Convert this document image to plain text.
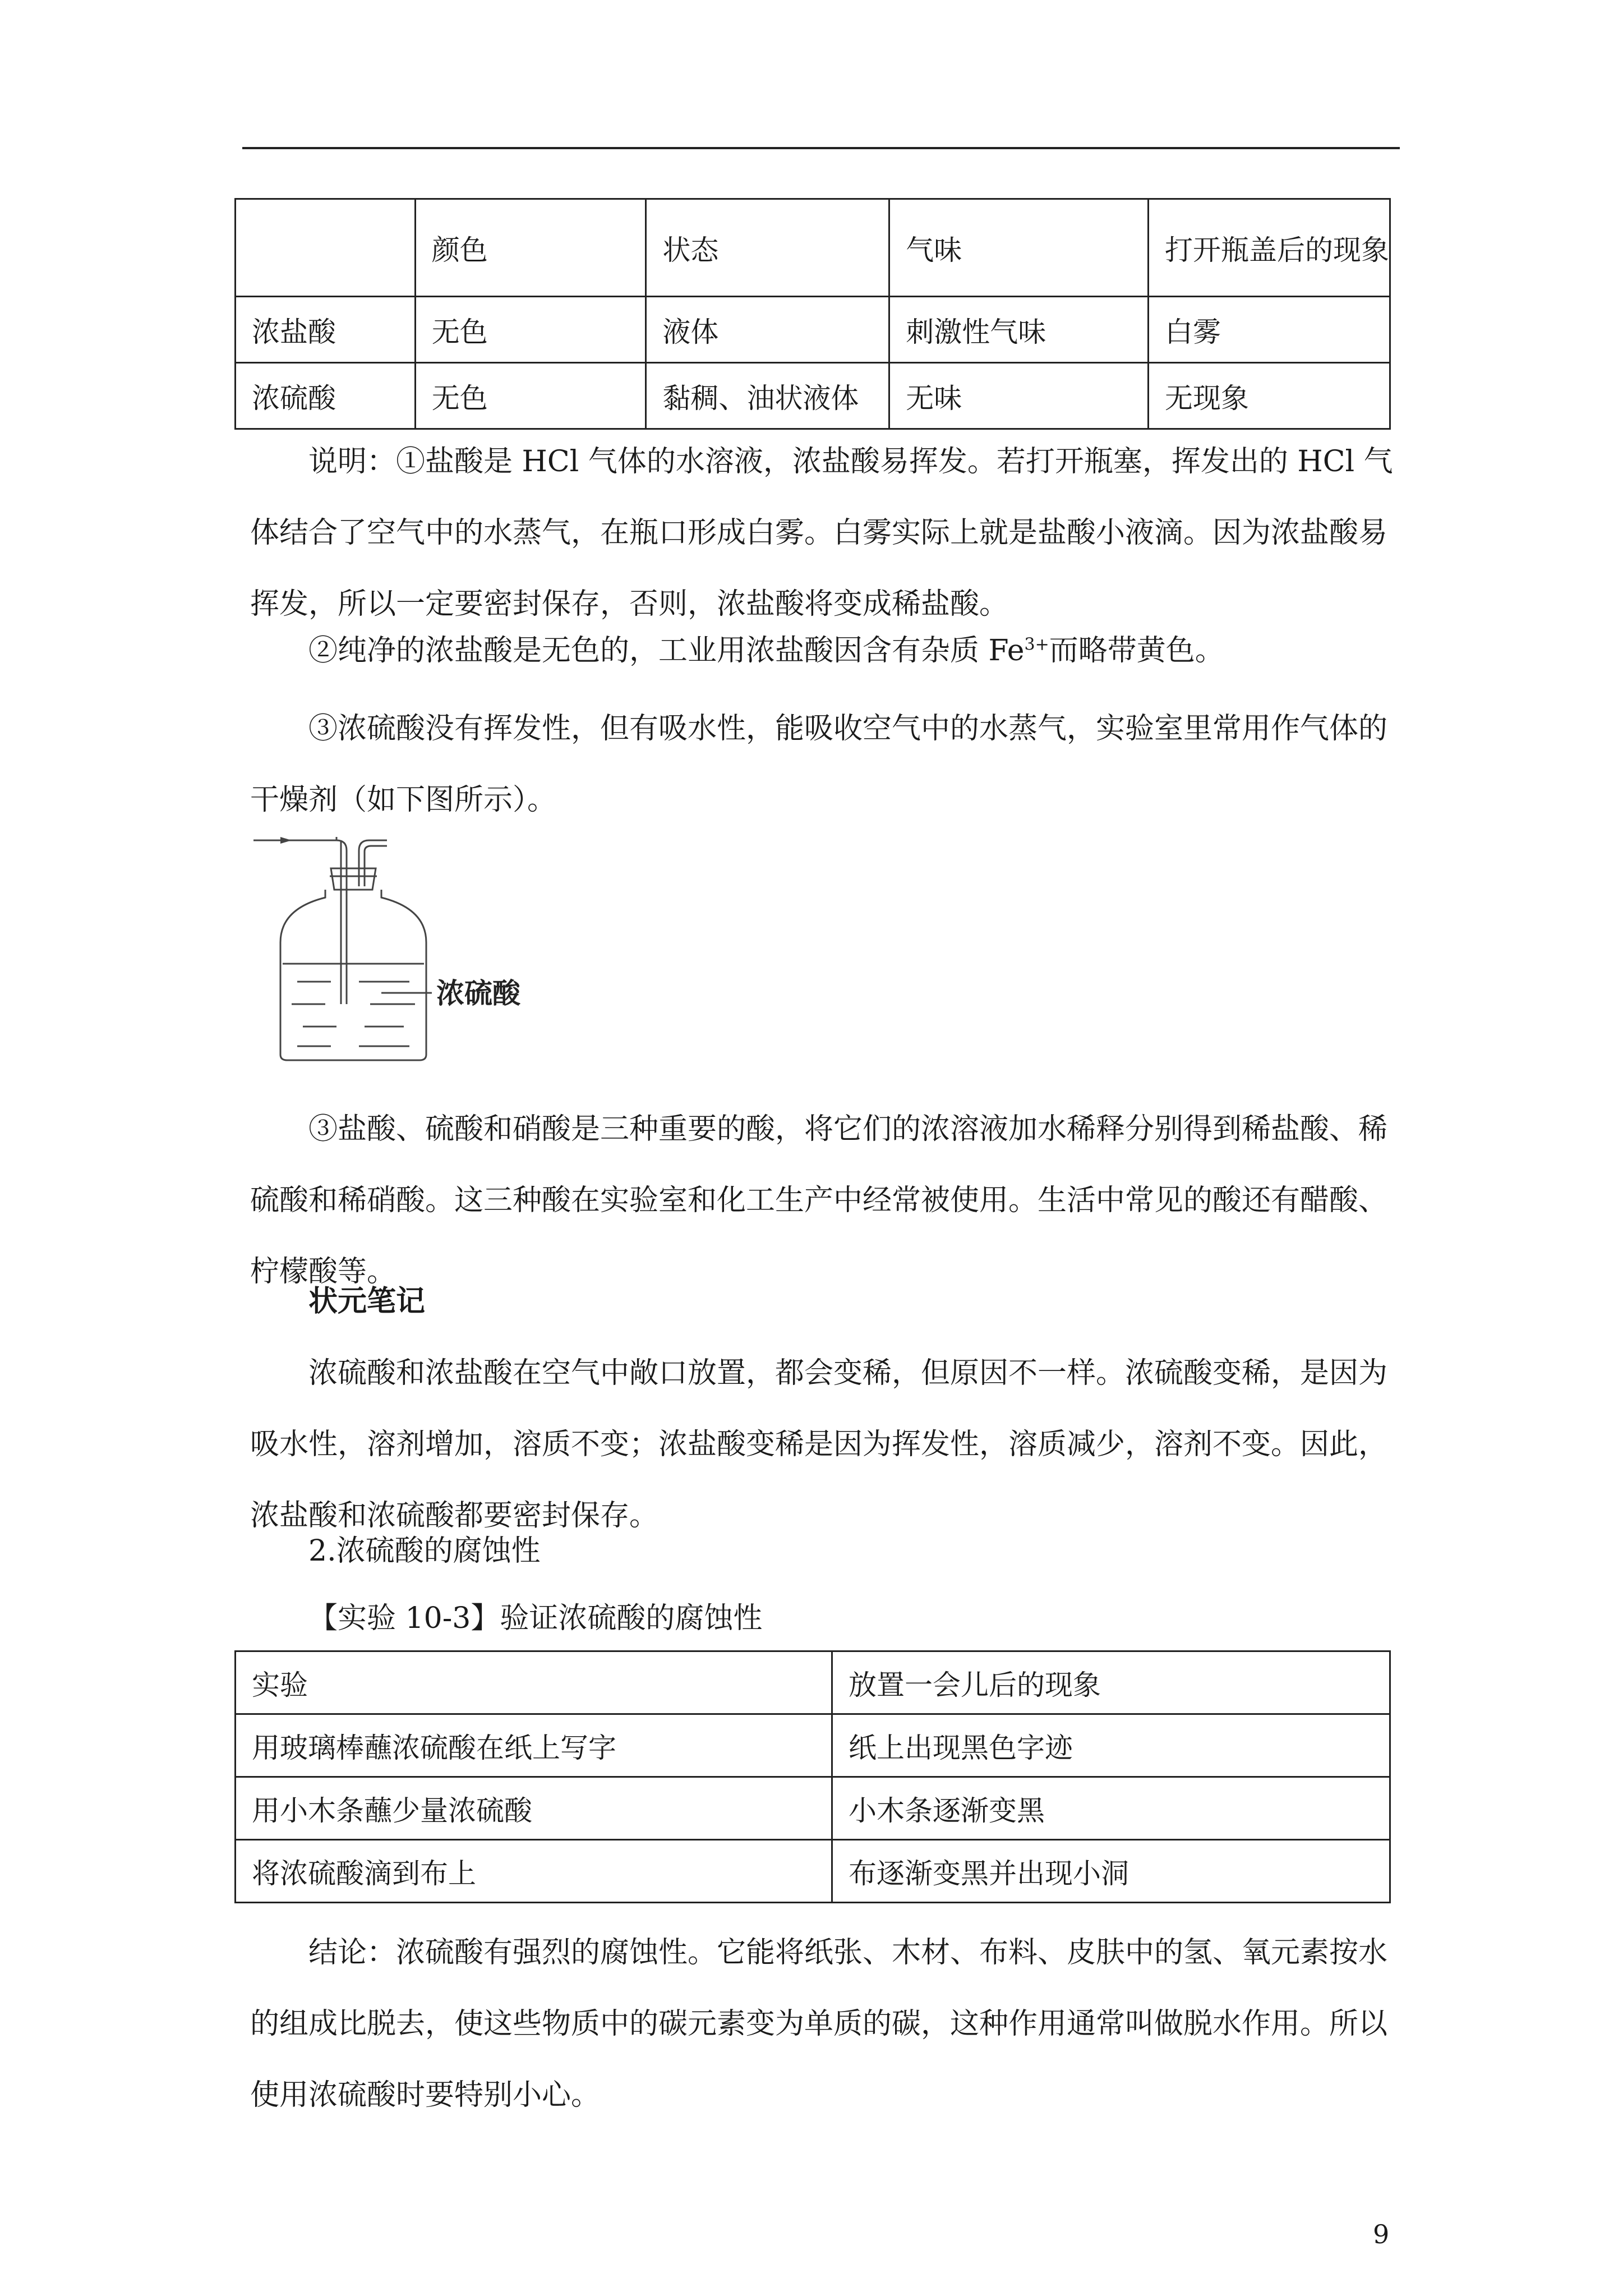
	颜色	状态	气味	打开瓶盖后的现象
浓盐酸	无色	液体	刺激性气味	白雾
浓硫酸	无色	黏稠、油状液体	无味	无现象

说明：①盐酸是 HCl 气体的水溶液，浓盐酸易挥发。若打开瓶塞，挥发出的 HCl 气体结合了空气中的水蒸气，在瓶口形成白雾。白雾实际上就是盐酸小液滴。因为浓盐酸易挥发，所以一定要密封保存，否则，浓盐酸将变成稀盐酸。

②纯净的浓盐酸是无色的，工业用浓盐酸因含有杂质 $Fe^{3+}$而略带黄色。

③浓硫酸没有挥发性，但有吸水性，能吸收空气中的水蒸气，实验室里常用作气体的干燥剂（如下图所示）。

浓硫酸

③盐酸、硫酸和硝酸是三种重要的酸，将它们的浓溶液加水稀释分别得到稀盐酸、稀硫酸和稀硝酸。这三种酸在实验室和化工生产中经常被使用。生活中常见的酸还有醋酸、柠檬酸等。

状元笔记

浓硫酸和浓盐酸在空气中敞口放置，都会变稀，但原因不一样。浓硫酸变稀，是因为吸水性，溶剂增加，溶质不变；浓盐酸变稀是因为挥发性，溶质减少，溶剂不变。因此，浓盐酸和浓硫酸都要密封保存。

2.浓硫酸的腐蚀性
【实验 10-3】验证浓硫酸的腐蚀性
实验	放置一会儿后的现象
用玻璃棒蘸浓硫酸在纸上写字	纸上出现黑色字迹
用小木条蘸少量浓硫酸	小木条逐渐变黑
将浓硫酸滴到布上	布逐渐变黑并出现小洞

结论：浓硫酸有强烈的腐蚀性。它能将纸张、木材、布料、皮肤中的氢、氧元素按水的组成比脱去，使这些物质中的碳元素变为单质的碳，这种作用通常叫做脱水作用。所以使用浓硫酸时要特别小心。

9
